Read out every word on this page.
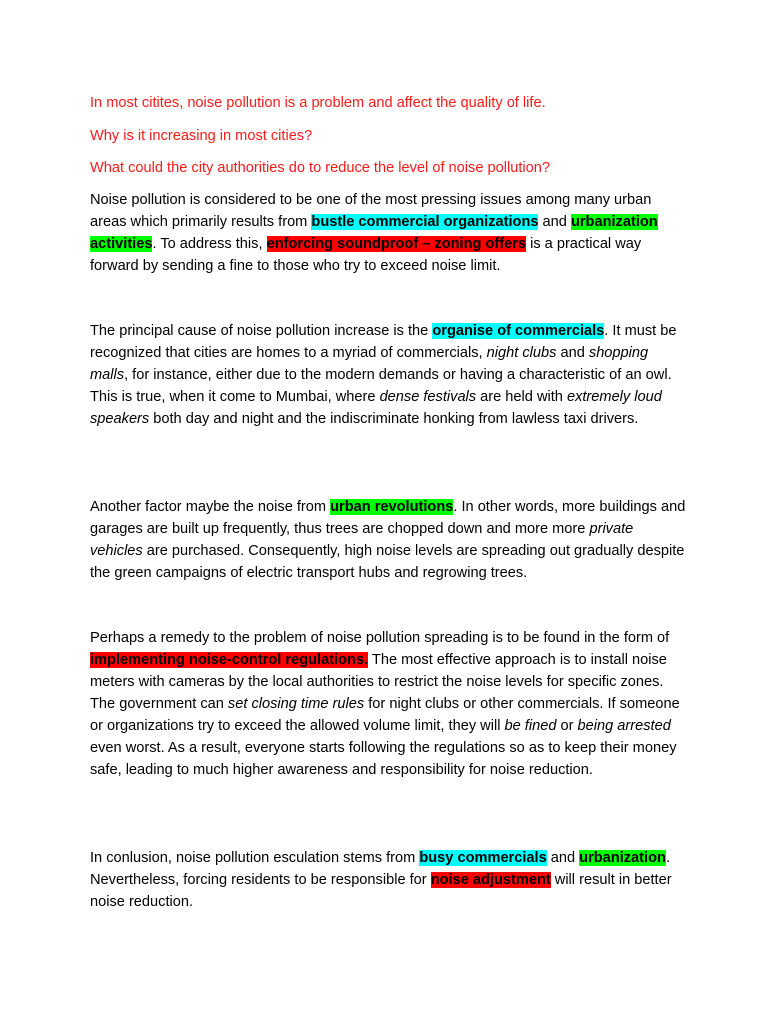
In most citites, noise pollution is a problem and affect the quality of life.

Why is it increasing in most cities?

What could the city authorities do to reduce the level of noise pollution?

Noise pollution is considered to be one of the most pressing issues among many urban areas which primarily results from bustle commercial organizations and urbanization activities. To address this, enforcing soundproof – zoning offers is a practical way forward by sending a fine to those who try to exceed noise limit.

The principal cause of noise pollution increase is the organise of commercials. It must be recognized that cities are homes to a myriad of commercials, night clubs and shopping malls, for instance, either due to the modern demands or having a characteristic of an owl. This is true, when it come to Mumbai, where dense festivals are held with extremely loud speakers both day and night and the indiscriminate honking from lawless taxi drivers.

Another factor maybe the noise from urban revolutions. In other words, more buildings and garages are built up frequently, thus trees are chopped down and more more private vehicles are purchased. Consequently, high noise levels are spreading out gradually despite the green campaigns of electric transport hubs and regrowing trees.

Perhaps a remedy to the problem of noise pollution spreading is to be found in the form of implementing noise-control regulations. The most effective approach is to install noise meters with cameras by the local authorities to restrict the noise levels for specific zones. The government can set closing time rules for night clubs or other commercials. If someone or organizations try to exceed the allowed volume limit, they will be fined or being arrested even worst. As a result, everyone starts following the regulations so as to keep their money safe, leading to much higher awareness and responsibility for noise reduction.

In conlusion, noise pollution esculation stems from busy commercials and urbanization. Nevertheless, forcing residents to be responsible for noise adjustment will result in better noise reduction.
